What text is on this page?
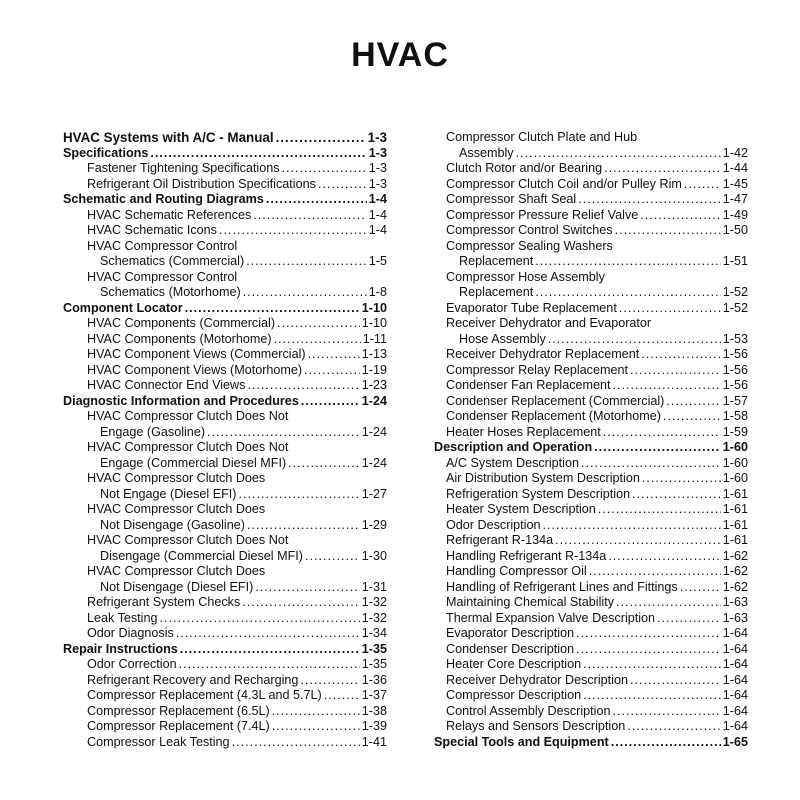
HVAC
HVAC Systems with A/C - Manual .....	1-3
Specifications .....	1-3
Fastener Tightening Specifications .....	1-3
Refrigerant Oil Distribution Specifications .....	1-3
Schematic and Routing Diagrams .....	1-4
HVAC Schematic References .....	1-4
HVAC Schematic Icons .....	1-4
HVAC Compressor Control
Schematics (Commercial) .....	1-5
HVAC Compressor Control
Schematics (Motorhome) .....	1-8
Component Locator .....	1-10
HVAC Components (Commercial) .....	1-10
HVAC Components (Motorhome) .....	1-11
HVAC Component Views (Commercial) .....	1-13
HVAC Component Views (Motorhome) .....	1-19
HVAC Connector End Views .....	1-23
Diagnostic Information and Procedures .....	1-24
HVAC Compressor Clutch Does Not
Engage (Gasoline) .....	1-24
HVAC Compressor Clutch Does Not
Engage (Commercial Diesel MFI) .....	1-24
HVAC Compressor Clutch Does
Not Engage (Diesel EFI) .....	1-27
HVAC Compressor Clutch Does
Not Disengage (Gasoline) .....	1-29
HVAC Compressor Clutch Does Not
Disengage (Commercial Diesel MFI) .....	1-30
HVAC Compressor Clutch Does
Not Disengage (Diesel EFI) .....	1-31
Refrigerant System Checks .....	1-32
Leak Testing .....	1-32
Odor Diagnosis .....	1-34
Repair Instructions .....	1-35
Odor Correction .....	1-35
Refrigerant Recovery and Recharging .....	1-36
Compressor Replacement (4.3L and 5.7L) .....	1-37
Compressor Replacement (6.5L) .....	1-38
Compressor Replacement (7.4L) .....	1-39
Compressor Leak Testing .....	1-41
Compressor Clutch Plate and Hub
Assembly .....	1-42
Clutch Rotor and/or Bearing .....	1-44
Compressor Clutch Coil and/or Pulley Rim .....	1-45
Compressor Shaft Seal .....	1-47
Compressor Pressure Relief Valve .....	1-49
Compressor Control Switches .....	1-50
Compressor Sealing Washers
Replacement .....	1-51
Compressor Hose Assembly
Replacement .....	1-52
Evaporator Tube Replacement .....	1-52
Receiver Dehydrator and Evaporator
Hose Assembly .....	1-53
Receiver Dehydrator Replacement .....	1-56
Compressor Relay Replacement .....	1-56
Condenser Fan Replacement .....	1-56
Condenser Replacement (Commercial) .....	1-57
Condenser Replacement (Motorhome) .....	1-58
Heater Hoses Replacement .....	1-59
Description and Operation .....	1-60
A/C System Description .....	1-60
Air Distribution System Description .....	1-60
Refrigeration System Description .....	1-61
Heater System Description .....	1-61
Odor Description .....	1-61
Refrigerant R-134a .....	1-61
Handling Refrigerant R-134a .....	1-62
Handling Compressor Oil .....	1-62
Handling of Refrigerant Lines and Fittings .....	1-62
Maintaining Chemical Stability .....	1-63
Thermal Expansion Valve Description .....	1-63
Evaporator Description .....	1-64
Condenser Description .....	1-64
Heater Core Description .....	1-64
Receiver Dehydrator Description .....	1-64
Compressor Description .....	1-64
Control Assembly Description .....	1-64
Relays and Sensors Description .....	1-64
Special Tools and Equipment .....	1-65
